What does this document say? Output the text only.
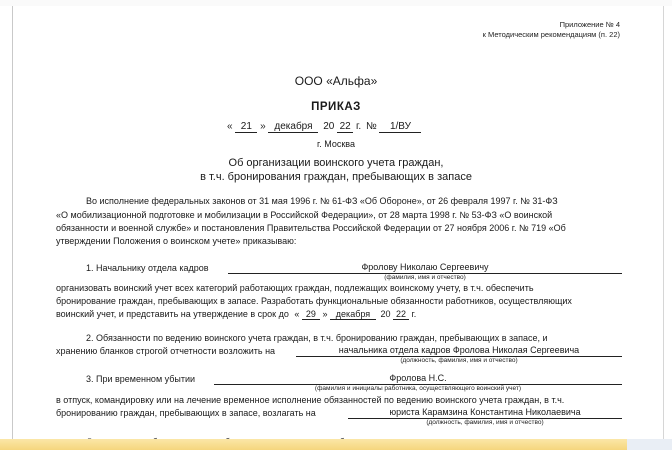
Приложение № 4
к Методическим рекомендациям (п. 22)
ООО «Альфа»
ПРИКАЗ
« 21 » декабря 20 22 г. № 1/ВУ
г. Москва
Об организации воинского учета граждан,
в т.ч. бронирования граждан, пребывающих в запасе
Во исполнение федеральных законов от 31 мая 1996 г. № 61-ФЗ «Об Обороне», от 26 февраля 1997 г. № 31-ФЗ
«О мобилизационной подготовке и мобилизации в Российской Федерации», от 28 марта 1998 г. № 53-ФЗ «О воинской
обязанности и военной службе» и постановления Правительства Российской Федерации от 27 ноября 2006 г. № 719 «Об
утверждении Положения о воинском учете» приказываю:
1. Начальнику отдела кадров	Фролову Николаю Сергеевичу
(фамилия, имя и отчество)
организовать воинский учет всех категорий работающих граждан, подлежащих воинскому учету, в т.ч. обеспечить
бронирование граждан, пребывающих в запасе. Разработать функциональные обязанности работников, осуществляющих
воинский учет, и представить на утверждение в срок до « 29 » декабря 20 22 г.
2. Обязанности по ведению воинского учета граждан, в т.ч. бронированию граждан, пребывающих в запасе, и
хранению бланков строгой отчетности возложить на	начальника отдела кадров Фролова Николая Сергеевича
(должность, фамилия, имя и отчество)
3. При временном убытии	Фролова Н.С.
(фамилия и инициалы работника, осуществляющего воинский учет)
в отпуск, командировку или на лечение временное исполнение обязанностей по ведению воинского учета граждан, в т.ч.
бронированию граждан, пребывающих в запасе, возлагать на	юриста Карамзина Константина Николаевича
(должность, фамилия, имя и отчество)
